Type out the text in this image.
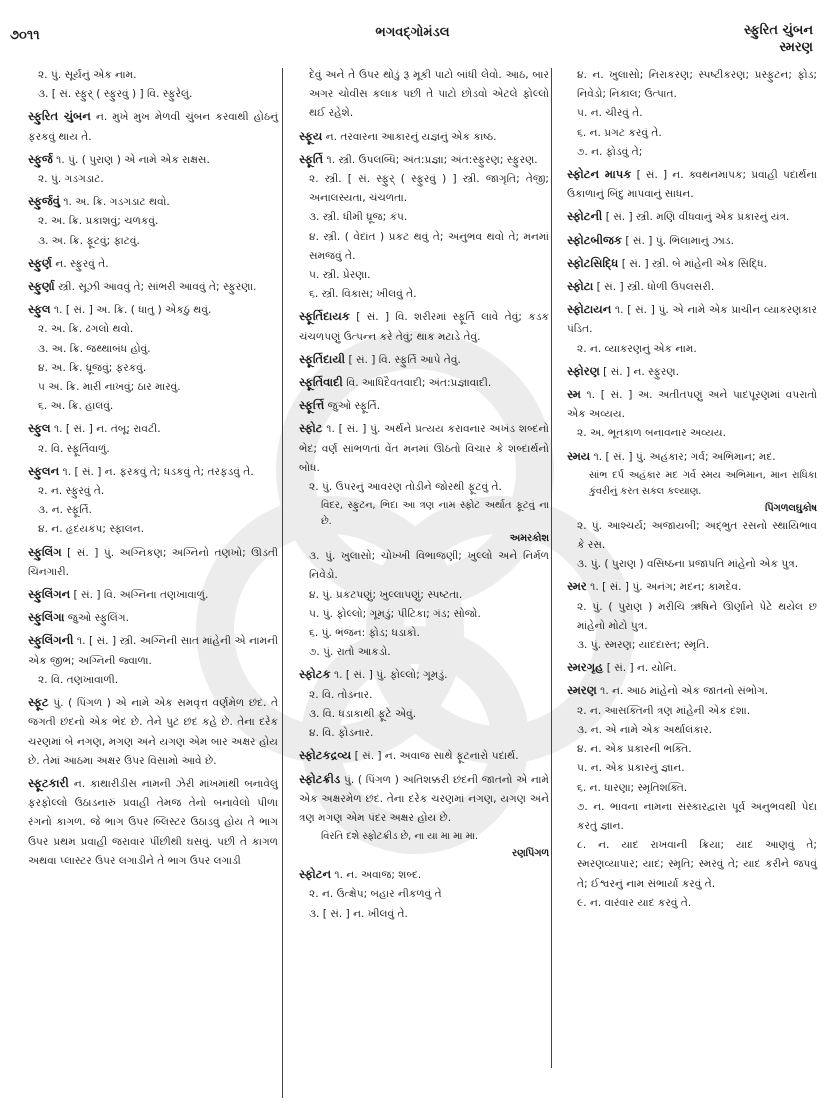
૭૦૧૧	ભગવદ્ગોમંડલ	સ્ફુરિત ચુંબન
સ્મરણ
૨. પું. સૂર્યનું એક નામ.
૩. [ સં. સ્ફુર્ ( સ્ફુરવું ) ] વિ. સ્ફુરેલું.
સ્ફુરિત ચુંબન ન. મુખે મુખ મેળવી ચુંબન કરવાથી હોઠનું ફરકવું થાય તે.
સ્ફુર્જ ૧. પું. ( પુરાણ ) એ નામે એક રાક્ષસ.
૨. પું. ગડગડાટ.
સ્ફુર્જવું ૧. અ. ક્રિ. ગડગડાટ થવો.
૨. અ. ક્રિ. પ્રકાશવું; ચળકવું.
૩. અ. ક્રિ. ફૂટવું; ફાટવું.
સ્ફુર્ણ ન. સ્ફુરવું તે.
સ્ફુર્ણા સ્ત્રી. સૂઝી આવવું તે; સાંભરી આવવું તે; સ્ફુરણા.
સ્ફુલ ૧. [ સં. ] અ. ક્રિ. ( ધાતુ ) એકઠું થવું.
૨. અ. ક્રિ. ઢગલો થવો.
૩. અ. ક્રિ. જથ્થાબંધ હોવું.
૪. અ. ક્રિ. ધ્રૂજવું; ફરકવું.
૫ અ. ક્રિ. મારી નાખવું; ઠાર મારવું.
૬. અ. ક્રિ. હાલવું.
સ્ફુલ ૧. [ સં. ] ન. તંબૂ; રાવટી.
૨. વિ. સ્ફૂર્તિવાળું.
સ્ફુલન ૧. [ સં. ] ન. ફરકવું તે; ધડકવું તે; તરફડવું તે.
૨. ન. સ્ફુરવું તે.
૩. ન. સ્ફૂર્તિ.
૪. ન. હૃદયકંપ; સ્ફાલન.
સ્ફુલિંગ [ સં. ] પું. અગ્નિકણ; અગ્નિનો તણખો; ઊડતી ચિનગારી.
સ્ફુલિંગન [ સં. ] વિ. અગ્નિના તણખાવાળું.
સ્ફુલિંગા જુઓ સ્ફુલિંગ.
સ્ફુલિંગની ૧. [ સં. ] સ્ત્રી. અગ્નિની સાત માંહેની એ નામની એક જીભ; અગ્નિની જ્વાળા.
૨. વિ. તણખાવાળી.
સ્ફૂટ પું. ( પિંગળ ) એ નામે એક સમવૃત્ત વર્ણમેળ છંદ. તે જગતી છંદનો એક ભેદ છે. તેને પુટ છંદ કહે છે. તેના દરેક ચરણમાં બે નગણ, મગણ અને યગણ એમ બાર અક્ષર હોય છે. તેમાં આઠમા અક્ષર ઉપર વિસામો આવે છે.
સ્ફૂટકારી ન. કાથારીડીસ નામની ઝેરી માંખમાંથી બનાવેલું ફરફોલ્લો ઉઠાડનારું પ્રવાહી તેમજ તેનો બનાવેલો પીળા રંગનો કાગળ. જે ભાગ ઉપર બ્લિસ્ટર ઉઠાડવું હોય તે ભાગ ઉપર પ્રથમ પ્રવાહી જરાવાર પીંછીથી ઘસવું. પછી તે કાગળ અથવા પ્લાસ્ટર ઉપર લગાડીને તે ભાગ ઉપર લગાડી
દેવું અને તે ઉપર થોડું રૂ મૂકી પાટો બાંધી લેવો. આઠ, બાર અગર ચોવીસ કલાક પછી તે પાટો છોડવો એટલે ફોલ્લો થઈ રહેશે.
સ્ફૂય ન. તરવારના આકારનું યજ્ઞનું એક કાષ્ઠ.
સ્ફૂર્તિ ૧. સ્ત્રી. ઉપલબ્ધિ; અંત:પ્રજ્ઞા; અંત:સ્ફુરણ; સ્ફુરણ.
૨. સ્ત્રી. [ સં. સ્ફુર્ ( સ્ફુરવું ) ] સ્ત્રી. જાગૃતિ; તેજી; અનાલસ્યતા, ચંચળતા.
૩. સ્ત્રી. ધીમી ધ્રૂજ; કંપ.
૪. સ્ત્રી. ( વેદાંત ) પ્રકટ થવું તે; અનુભવ થવો તે; મનમાં સમજવું તે.
૫. સ્ત્રી. પ્રેરણા.
૬. સ્ત્રી. વિકાસ; ખીલવું તે.
સ્ફૂર્તિદાયક [ સં. ] વિ. શરીરમાં સ્ફૂર્તિ લાવે તેવું; કડક ચંચળપણું ઉત્પન્ન કરે તેવું; થાક મટાડે તેવું.
સ્ફૂર્તિદાયી [ સં. ] વિ. સ્ફુર્તિ આપે તેવું.
સ્ફૂર્તિવાદી વિ. આધિદૈવતવાદી; અંત:પ્રજ્ઞાવાદી.
સ્ફૂર્ત્તિ જુઓ સ્ફૂર્તિ.
સ્ફોટ ૧. [ સં. ] પું. અર્થને પ્રત્યય કરાવનાર અખંડ શબ્દનો ભેદ; વર્ણ સાંભળતાં વેંત મનમાં ઊઠતો વિચાર કે શબ્દાર્થનો બોધ.
૨. પું. ઉપરનું આવરણ તોડીને જોરથી ફૂટવું તે.
વિદર, સ્ફુટન, ભિદા આ ત્રણ નામ સ્ફોટ અર્થાત ફૂટવું ના છે.
અમરકોશ
૩. પું. ખુલાસો; ચોખ્ખી વિભાજણી; ખુલ્લો અને નિર્મળ નિવેડો.
૪. પું. પ્રકટપણું; ખુલ્લાપણું; સ્પષ્ટતા.
૫. પું. ફોલ્લો; ગૂમડું; પીટિકા; ગંડ; સોજો.
૬. પું. ભંજન: ફોડ; ધડાકો.
૭. પું. રાતો આકડો.
સ્ફોટક ૧. [ સં. ] પું. ફોલ્લો; ગૂમડું.
૨. વિ. તોડનાર.
૩. વિ. ધડાકાથી ફૂટે એવું.
૪. વિ. ફોડનાર.
સ્ફોટકદ્રવ્ય [ સં. ] ન. અવાજ સાથે ફૂટનારો પદાર્થ.
સ્ફોટક્રીડ પું. ( પિંગળ ) અતિશક્કરી છંદની જાતનો એ નામે એક અક્ષરમેળ છંદ. તેના દરેક ચરણમાં નગણ, યગણ અને ત્રણ મગણ એમ પંદર અક્ષર હોય છે.
વિરતિ દશે સ્ફોટક્રીડ છે, ના યા મા મા મા.
રણપિંગળ
સ્ફોટન ૧. ન. અવાજ; શબ્દ.
૨. ન. ઉત્ક્ષેપ; બહાર નીકળવું તે
૩. [ સં. ] ન. ખીલવું તે.
૪. ન. ખુલાસો; નિરાકરણ; સ્પષ્ટીકરણ; પ્રસ્ફુટન; ફોડ; નિવેડો; નિકાલ; ઉત્પાત.
૫. ન. ચીરવું તે.
૬. ન. પ્રગટ કરવું તે.
૭. ન. ફોડવું તે;
સ્ફોટન માપક [ સં. ] ન. ક્વથનમાપક; પ્રવાહી પદાર્થના ઉકાળાનું બિંદુ માપવાનું સાધન.
સ્ફોટની [ સં. ] સ્ત્રી. મણિ વીંધવાનું એક પ્રકારનું યંત્ર.
સ્ફોટબીજક [ સં. ] પું. ભિલામાનું ઝાડ.
સ્ફોટસિદ્ધિ [ સં. ] સ્ત્રી. બે માંહેની એક સિદ્ધિ.
સ્ફોટા [ સં. ] સ્ત્રી. ધોળી ઉપલસરી.
સ્ફોટાયન ૧. [ સં. ] પું. એ નામે એક પ્રાચીન વ્યાકરણકાર પંડિત.
૨. ન. વ્યાકરણનું એક નામ.
સ્ફોરણ [ સં. ] ન. સ્ફુરણ.
સ્મ ૧. [ સં. ] અ. અતીતપણું અને પાદપૂરણમાં વપરાતો એક અવ્યય.
૨. અ. ભૂતકાળ બનાવનાર અવ્યય.
સ્મય ૧. [ સં. ] પું. અહંકાર; ગર્વ; અભિમાન; મદ.
સાંભ દર્પ અહંકાર મદ ગર્વ સ્મય અભિમાન, માન રાધિકા કુંવરીનું કરત સકલ કલ્યાણ.
પિંગળલઘુકોષ
૨. પું. આશ્ચર્ય; અજાયબી; અદ્ભુત રસનો સ્થાયિભાવ કે રસ.
૩. પું. ( પુરાણ ) વસિષ્ઠના પ્રજાપતિ માંહેનો એક પુત્ર.
સ્મર ૧. [ સં. ] પું. અનંગ; મદન; કામદેવ.
૨. પું. ( પુરાણ ) મરીચિ ઋષિને ઊર્ણાને પેટે થયેલ છ માંહેનો મોટો પુત્ર.
૩. પું. સ્મરણ; યાદદાસ્ત; સ્મૃતિ.
સ્મરગૃહ [ સં. ] ન. યોનિ.
સ્મરણ ૧. ન. આઠ માંહેનો એક જાતનો સંભોગ.
૨. ન. આસક્તિની ત્રણ માંહેની એક દશા.
૩. ન. એ નામે એક અર્થાલંકાર.
૪. ન. એક પ્રકારની ભક્તિ.
૫. ન. એક પ્રકારનું જ્ઞાન.
૬. ન. ધારણા; સ્મૃતિશક્તિ.
૭. ન. ભાવના નામના સંસ્કારદ્વારા પૂર્વ અનુભવથી પેદા કરતું જ્ઞાન.
૮. ન. યાદ રાખવાની ક્રિયા; યાદ આણવું તે; સ્મરણવ્યાપાર; યાદ; સ્મૃતિ; સ્મરવું તે; યાદ કરીને જપવું તે; ઈશ્વરનું નામ સંભાર્યા કરવું તે.
૯. ન. વારંવાર યાદ કરવું તે.
